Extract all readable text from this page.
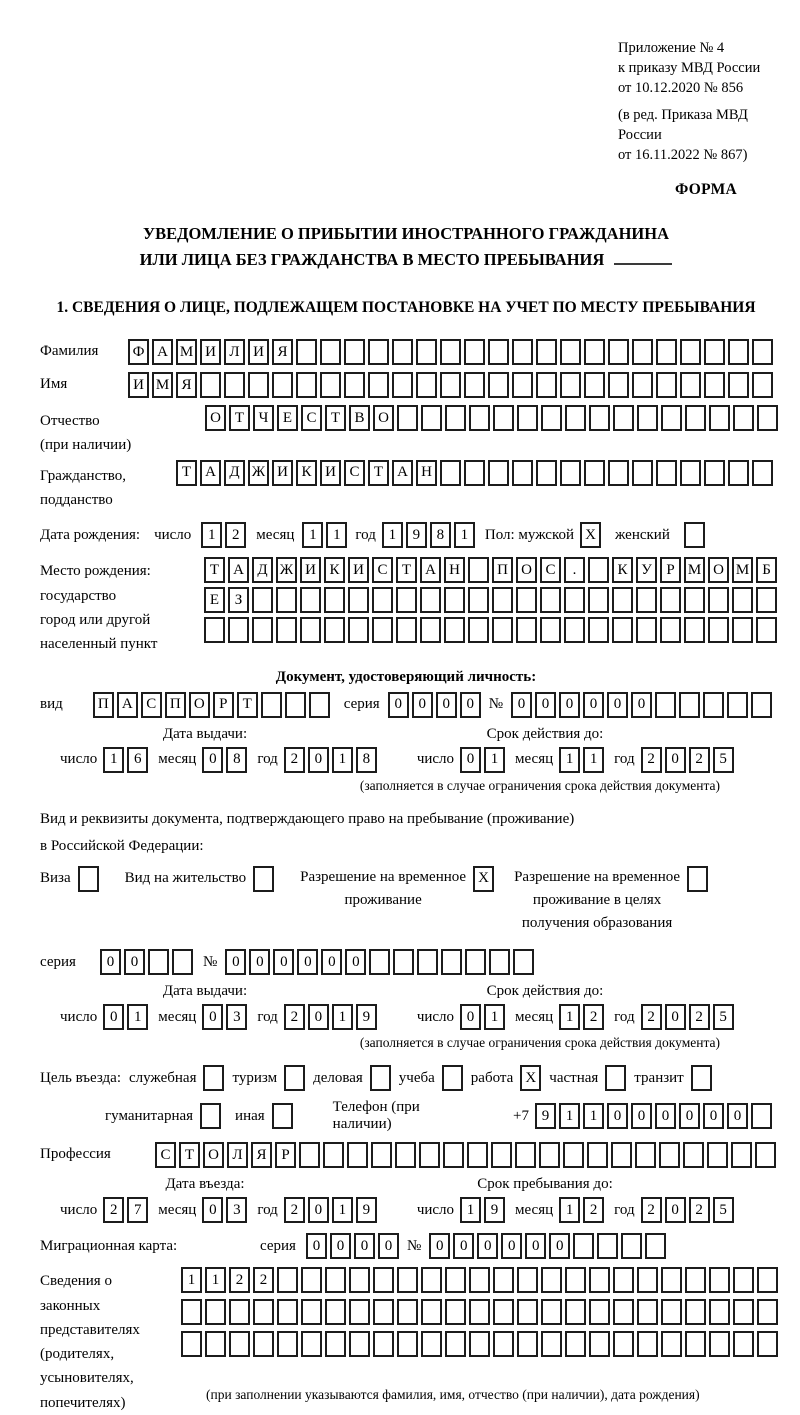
Приложение № 4
к приказу МВД России
от 10.12.2020 № 856
(в ред. Приказа МВД России
от 16.11.2022 № 867)
ФОРМА
УВЕДОМЛЕНИЕ О ПРИБЫТИИ ИНОСТРАННОГО ГРАЖДАНИНА
ИЛИ ЛИЦА БЕЗ ГРАЖДАНСТВА В МЕСТО ПРЕБЫВАНИЯ
1. СВЕДЕНИЯ О ЛИЦЕ, ПОДЛЕЖАЩЕМ ПОСТАНОВКЕ НА УЧЕТ ПО МЕСТУ ПРЕБЫВАНИЯ
Фамилия	Ф А М И Л И Я
Имя	И М Я
Отчество
(при наличии)
О Т Ч Е С Т В О
Гражданство,
подданство
Т А Д Ж И К И С Т А Н
Дата рождения: число	1	2	месяц 1	1 год 1	9	8	1	Пол: мужской X	женский
Место рождения:
государство
город или другой
населенный пункт
Т А Д Ж И К И С Т А Н	П О С	.	К У Р М О М Б
Е	З
Документ, удостоверяющий личность:
вид	П А С П О Р	Т	серия 0	0	0	0 № 0	0	0	0	0	0
Дата выдачи:	Срок действия до:
число 1	6	месяц 0	8	год 2	0	1	8	число 0	1	месяц 1	1	год 2	0	2	5
(заполняется в случае ограничения срока действия документа)
Вид и реквизиты документа, подтверждающего право на пребывание (проживание)
в Российской Федерации:
Виза	Вид на жительство	Разрешение на временное
проживание
X	Разрешение на временное
проживание в целях
получения образования
серия	0	0	№ 0	0	0	0	0	0
Дата выдачи:	Срок действия до:
число 0	1	месяц 0	3	год 2	0	1	9	число 0	1	месяц 1	2	год 2	0	2	5
(заполняется в случае ограничения срока действия документа)
Цель въезда: служебная туризм деловая учеба работа X частная транзит
гуманитарная	иная
Телефон (при наличии)
+7 9	1	1	0	0	0	0	0	0
Профессия	С Т О Л Я Р
Дата въезда:	Срок пребывания до:
число 2	7	месяц 0	3	год 2	0	1	9	число 1	9	месяц 1	2	год 2	0	2	5
Миграционная карта:	серия	0	0	0	0 № 0	0	0	0	0	0
Сведения о
законных
представителях
(родителях,
усыновителях,
попечителях)
1	1	2	2
(при заполнении указываются фамилия, имя, отчество (при наличии), дата рождения)
